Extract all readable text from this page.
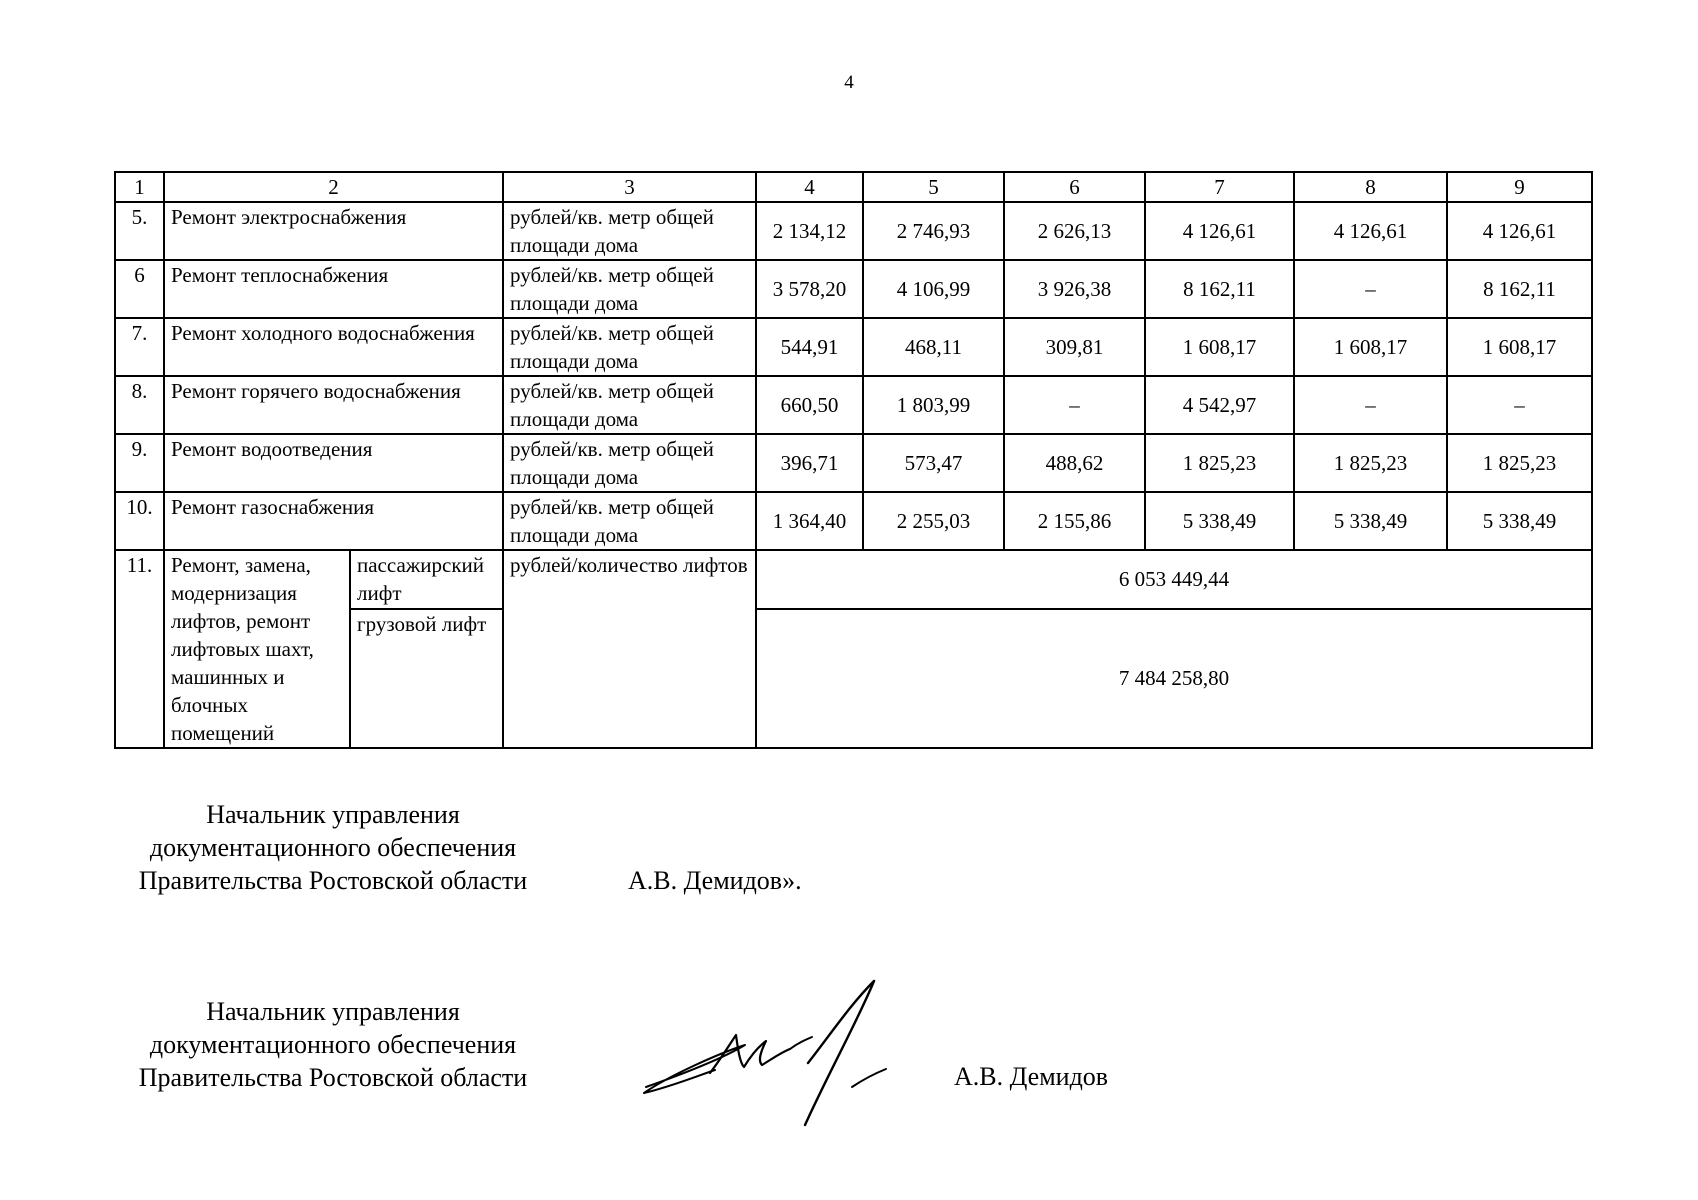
4
1	2		3	4	5	6	7	8	9
5.	Ремонт электроснабжения		рублей/кв. метр общей площади дома	2 134,12	2 746,93	2 626,13	4 126,61	4 126,61	4 126,61
6	Ремонт теплоснабжения		рублей/кв. метр общей площади дома	3 578,20	4 106,99	3 926,38	8 162,11	–	8 162,11
7.	Ремонт холодного водоснабжения		рублей/кв. метр общей площади дома	544,91	468,11	309,81	1 608,17	1 608,17	1 608,17
8.	Ремонт горячего водоснабжения		рублей/кв. метр общей площади дома	660,50	1 803,99	–	4 542,97	–	–
9.	Ремонт водоотведения		рублей/кв. метр общей площади дома	396,71	573,47	488,62	1 825,23	1 825,23	1 825,23
10.	Ремонт газоснабжения		рублей/кв. метр общей площади дома	1 364,40	2 255,03	2 155,86	5 338,49	5 338,49	5 338,49
11.	Ремонт, замена, модернизация лифтов, ремонт лифтовых шахт, машинных и блочных помещений	пассажирский лифт	рублей/количество лифтов	6 053 449,44					
		грузовой лифт		7 484 258,80					
Начальник управления
документационного обеспечения
Правительства Ростовской области	А.В. Демидов».
Начальник управления
документационного обеспечения
Правительства Ростовской области	А.В. Демидов
